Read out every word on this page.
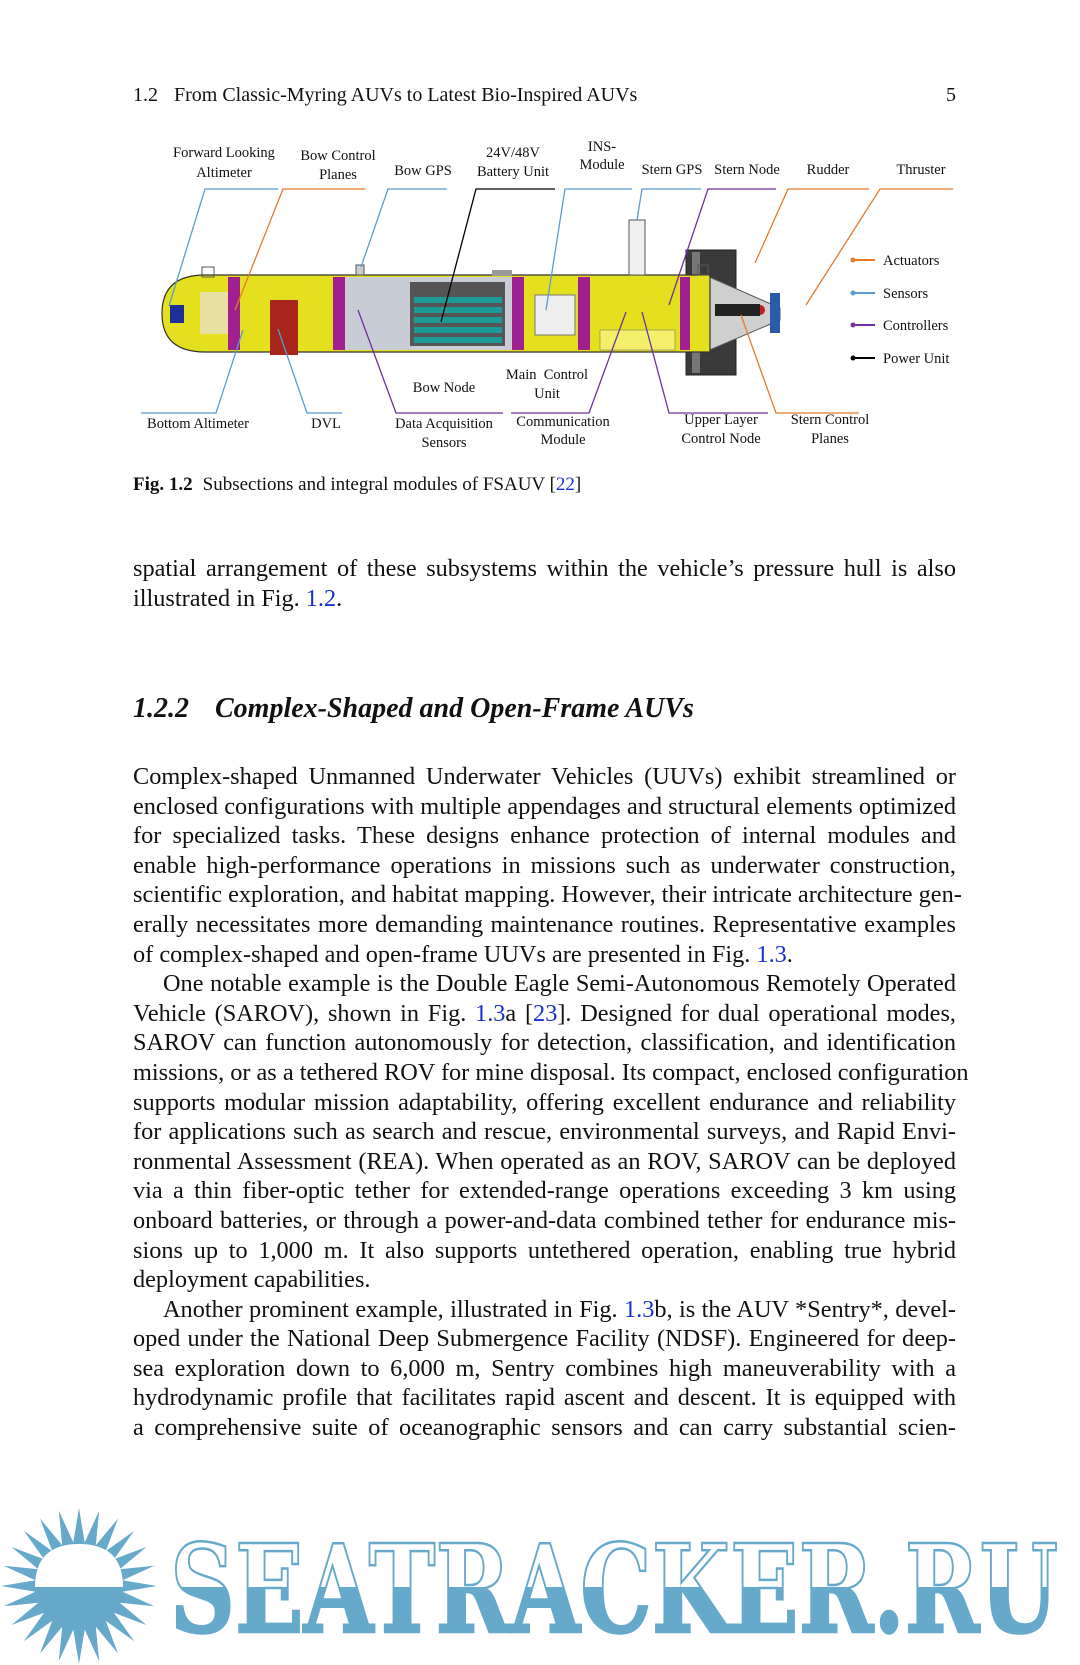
1.2 From Classic-Myring AUVs to Latest Bio-Inspired AUVs	5
Forward Looking
Altimeter
Bow Control
Planes	Bow GPS
24V/48V
Battery Unit
INS-
Module Stern GPS Stern Node Rudder	Thruster
Bottom Altimeter	DVL
Bow Node
Data Acquisition
Sensors
Main  Control
Unit
Communication
Module
Upper Layer
Control Node
Stern Control
Planes
Actuators
Sensors
Controllers
Power Unit
Fig. 1.2 Subsections and integral modules of FSAUV [22]
spatial arrangement of these subsystems within the vehicle’s pressure hull is also
illustrated in Fig. 1.2.
1.2.2 Complex-Shaped and Open-Frame AUVs
Complex-shaped Unmanned Underwater Vehicles (UUVs) exhibit streamlined or
enclosed configurations with multiple appendages and structural elements optimized
for specialized tasks. These designs enhance protection of internal modules and
enable high-performance operations in missions such as underwater construction,
scientific exploration, and habitat mapping. However, their intricate architecture gen-
erally necessitates more demanding maintenance routines. Representative examples
of complex-shaped and open-frame UUVs are presented in Fig. 1.3.
One notable example is the Double Eagle Semi-Autonomous Remotely Operated
Vehicle (SAROV), shown in Fig. 1.3a [23]. Designed for dual operational modes,
SAROV can function autonomously for detection, classification, and identification
missions, or as a tethered ROV for mine disposal. Its compact, enclosed configuration
supports modular mission adaptability, offering excellent endurance and reliability
for applications such as search and rescue, environmental surveys, and Rapid Envi-
ronmental Assessment (REA). When operated as an ROV, SAROV can be deployed
via a thin fiber-optic tether for extended-range operations exceeding 3 km using
onboard batteries, or through a power-and-data combined tether for endurance mis-
sions up to 1,000 m. It also supports untethered operation, enabling true hybrid
deployment capabilities.
Another prominent example, illustrated in Fig. 1.3b, is the AUV *Sentry*, devel-
oped under the National Deep Submergence Facility (NDSF). Engineered for deep-
sea exploration down to 6,000 m, Sentry combines high maneuverability with a
hydrodynamic profile that facilitates rapid ascent and descent. It is equipped with
a comprehensive suite of oceanographic sensors and can carry substantial scien-
SEATRACKER.RU
